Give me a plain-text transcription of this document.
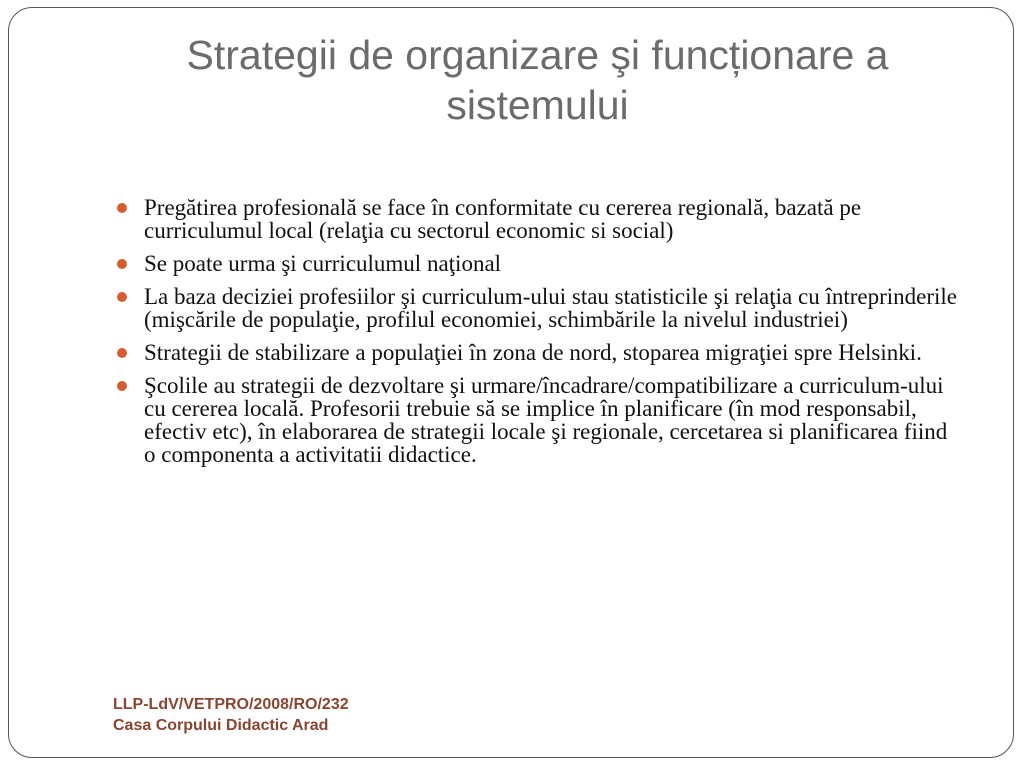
Strategii de organizare şi funcționare a sistemului
Pregătirea profesională se face în conformitate cu cererea regională, bazată pe curriculumul local (relaţia cu sectorul economic si social)
Se poate urma şi curriculumul naţional
La baza deciziei profesiilor şi curriculum-ului stau statisticile şi relaţia cu întreprinderile (mişcările de populaţie, profilul economiei, schimbările la nivelul industriei)
Strategii de stabilizare a populaţiei în zona de nord, stoparea migraţiei spre Helsinki.
Şcolile au strategii de dezvoltare şi urmare/încadrare/compatibilizare a curriculum-ului cu cererea locală. Profesorii trebuie să se implice în planificare (în mod responsabil, efectiv etc), în elaborarea de strategii locale şi regionale, cercetarea si planificarea fiind o componenta a activitatii didactice.
LLP-LdV/VETPRO/2008/RO/232
Casa Corpului Didactic Arad
